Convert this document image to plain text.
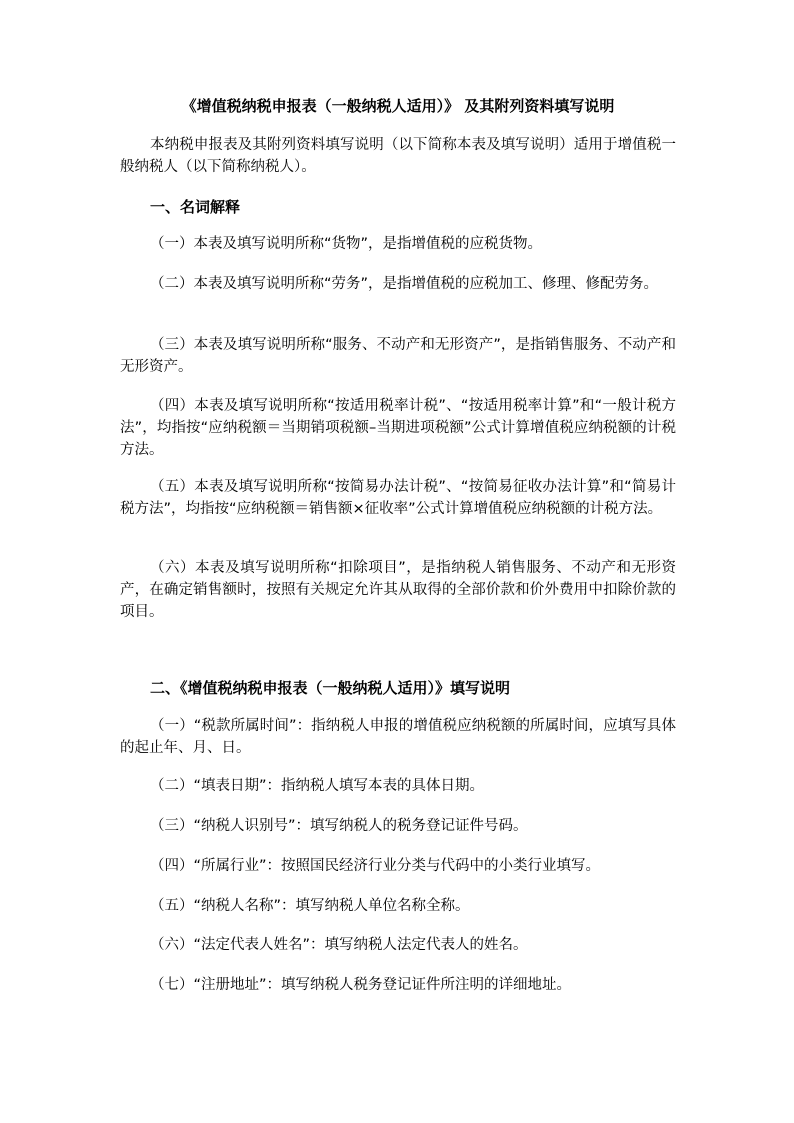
《增值税纳税申报表（一般纳税人适用）》 及其附列资料填写说明

本纳税申报表及其附列资料填写说明（以下简称本表及填写说明）适用于增值税一般纳税人（以下简称纳税人）。

一、名词解释

（一）本表及填写说明所称“货物”，是指增值税的应税货物。

（二）本表及填写说明所称“劳务”，是指增值税的应税加工、修理、修配劳务。

（三）本表及填写说明所称“服务、不动产和无形资产”，是指销售服务、不动产和无形资产。

（四）本表及填写说明所称“按适用税率计税”、“按适用税率计算”和“一般计税方法”，均指按“应纳税额＝当期销项税额–当期进项税额”公式计算增值税应纳税额的计税方法。

（五）本表及填写说明所称“按简易办法计税”、“按简易征收办法计算”和“简易计税方法”，均指按“应纳税额＝销售额×征收率”公式计算增值税应纳税额的计税方法。

（六）本表及填写说明所称“扣除项目”，是指纳税人销售服务、不动产和无形资产，在确定销售额时，按照有关规定允许其从取得的全部价款和价外费用中扣除价款的项目。

二、《增值税纳税申报表（一般纳税人适用）》填写说明

（一）“税款所属时间”：指纳税人申报的增值税应纳税额的所属时间，应填写具体的起止年、月、日。

（二）“填表日期”：指纳税人填写本表的具体日期。

（三）“纳税人识别号”：填写纳税人的税务登记证件号码。

（四）“所属行业”：按照国民经济行业分类与代码中的小类行业填写。

（五）“纳税人名称”：填写纳税人单位名称全称。

（六）“法定代表人姓名”：填写纳税人法定代表人的姓名。

（七）“注册地址”：填写纳税人税务登记证件所注明的详细地址。
